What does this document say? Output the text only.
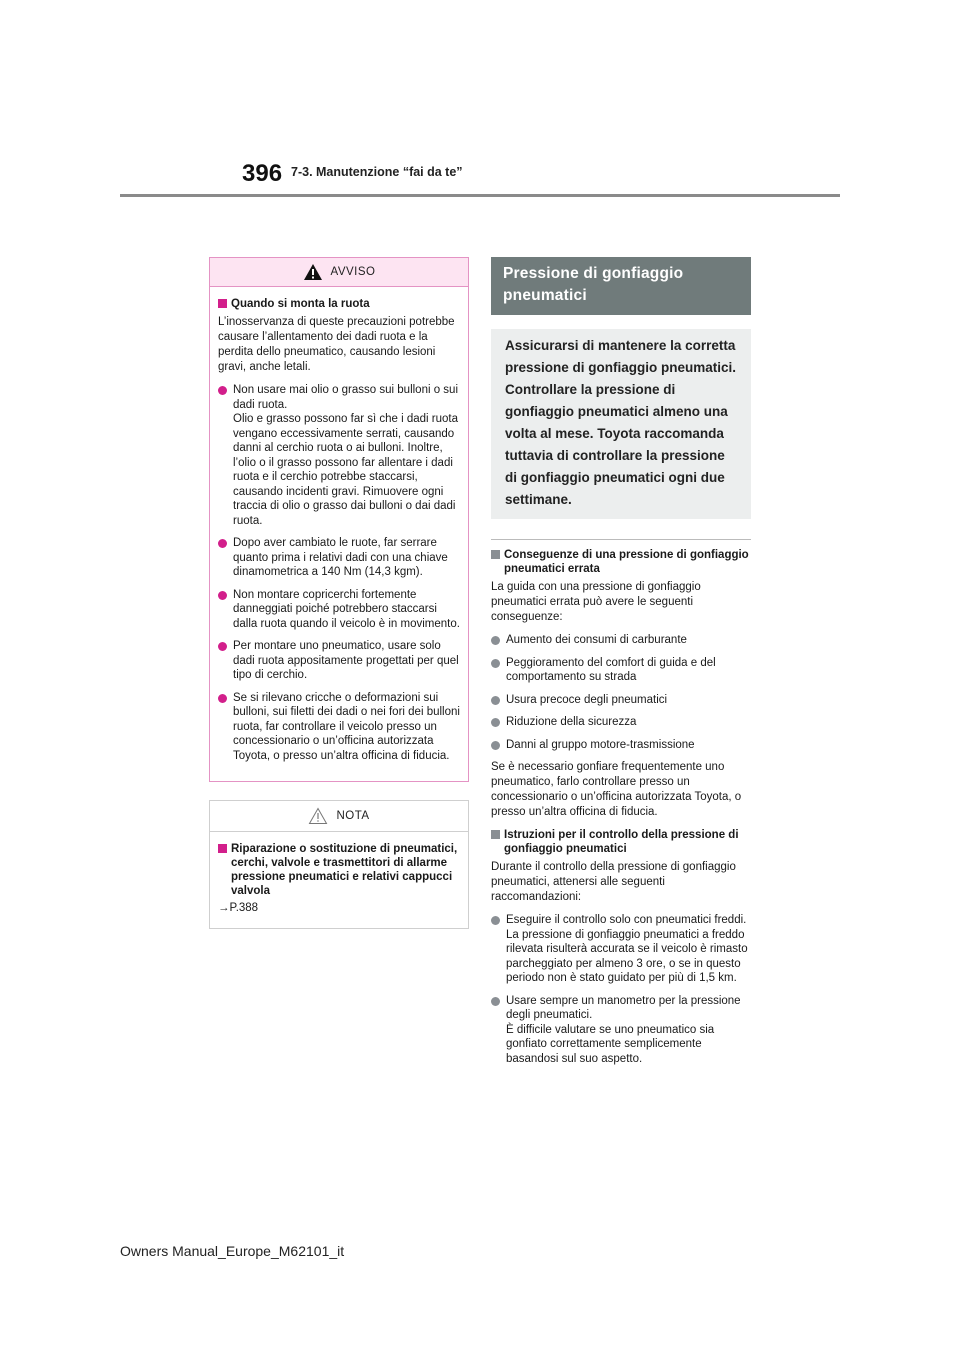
396 7-3. Manutenzione “fai da te”
AVVISO
Quando si monta la ruota

L’inosservanza di queste precauzioni potrebbe causare l’allentamento dei dadi ruota e la perdita dello pneumatico, causando lesioni gravi, anche letali.

Non usare mai olio o grasso sui bulloni o sui dadi ruota.
Olio e grasso possono far sì che i dadi ruota vengano eccessivamente serrati, causando danni al cerchio ruota o ai bulloni. Inoltre, l’olio o il grasso possono far allentare i dadi ruota e il cerchio potrebbe staccarsi, causando incidenti gravi. Rimuovere ogni traccia di olio o grasso dai bulloni o dai dadi ruota.
Dopo aver cambiato le ruote, far serrare quanto prima i relativi dadi con una chiave dinamometrica a 140 Nm (14,3 kgm).
Non montare copricerchi fortemente danneggiati poiché potrebbero staccarsi dalla ruota quando il veicolo è in movimento.
Per montare uno pneumatico, usare solo dadi ruota appositamente progettati per quel tipo di cerchio.
Se si rilevano cricche o deformazioni sui bulloni, sui filetti dei dadi o nei fori dei bulloni ruota, far controllare il veicolo presso un concessionario o un’officina autorizzata Toyota, o presso un’altra officina di fiducia.
NOTA
Riparazione o sostituzione di pneumatici, cerchi, valvole e trasmettitori di allarme pressione pneumatici e relativi cappucci valvola
→P.388
Pressione di gonfiaggio pneumatici
Assicurarsi di mantenere la corretta pressione di gonfiaggio pneumatici. Controllare la pressione di gonfiaggio pneumatici almeno una volta al mese. Toyota raccomanda tuttavia di controllare la pressione di gonfiaggio pneumatici ogni due settimane.
Conseguenze di una pressione di gonfiaggio pneumatici errata

La guida con una pressione di gonfiaggio pneumatici errata può avere le seguenti conseguenze:

Aumento dei consumi di carburante
Peggioramento del comfort di guida e del comportamento su strada
Usura precoce degli pneumatici
Riduzione della sicurezza
Danni al gruppo motore-trasmissione

Se è necessario gonfiare frequentemente uno pneumatico, farlo controllare presso un concessionario o un’officina autorizzata Toyota, o presso un’altra officina di fiducia.

Istruzioni per il controllo della pressione di gonfiaggio pneumatici

Durante il controllo della pressione di gonfiaggio pneumatici, attenersi alle seguenti raccomandazioni:

Eseguire il controllo solo con pneumatici freddi.
La pressione di gonfiaggio pneumatici a freddo rilevata risulterà accurata se il veicolo è rimasto parcheggiato per almeno 3 ore, o se in questo periodo non è stato guidato per più di 1,5 km.
Usare sempre un manometro per la pressione degli pneumatici.
È difficile valutare se uno pneumatico sia gonfiato correttamente semplicemente basandosi sul suo aspetto.
Owners Manual_Europe_M62101_it
